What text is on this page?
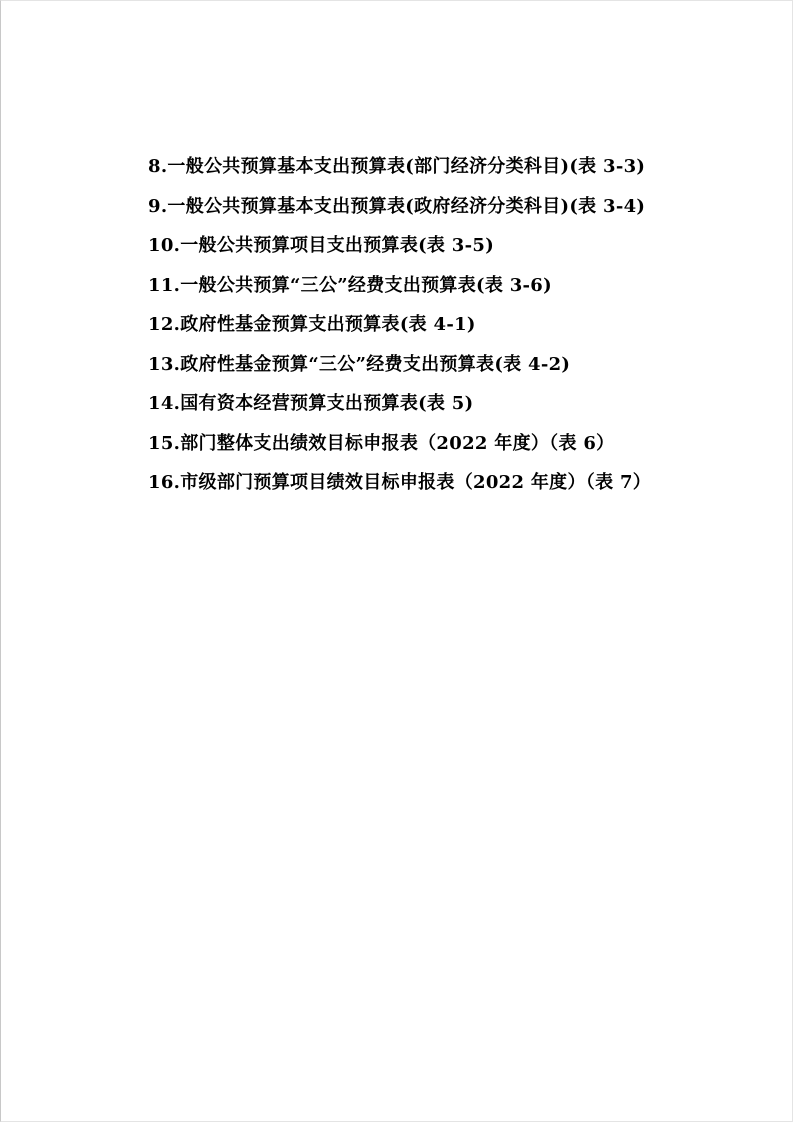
8.一般公共预算基本支出预算表(部门经济分类科目)(表 3-3)
9.一般公共预算基本支出预算表(政府经济分类科目)(表 3-4)
10.一般公共预算项目支出预算表(表 3-5)
11.一般公共预算“三公”经费支出预算表(表 3-6)
12.政府性基金预算支出预算表(表 4-1)
13.政府性基金预算“三公”经费支出预算表(表 4-2)
14.国有资本经营预算支出预算表(表 5)
15.部门整体支出绩效目标申报表（2022 年度）（表 6）
16.市级部门预算项目绩效目标申报表（2022 年度）（表 7）
